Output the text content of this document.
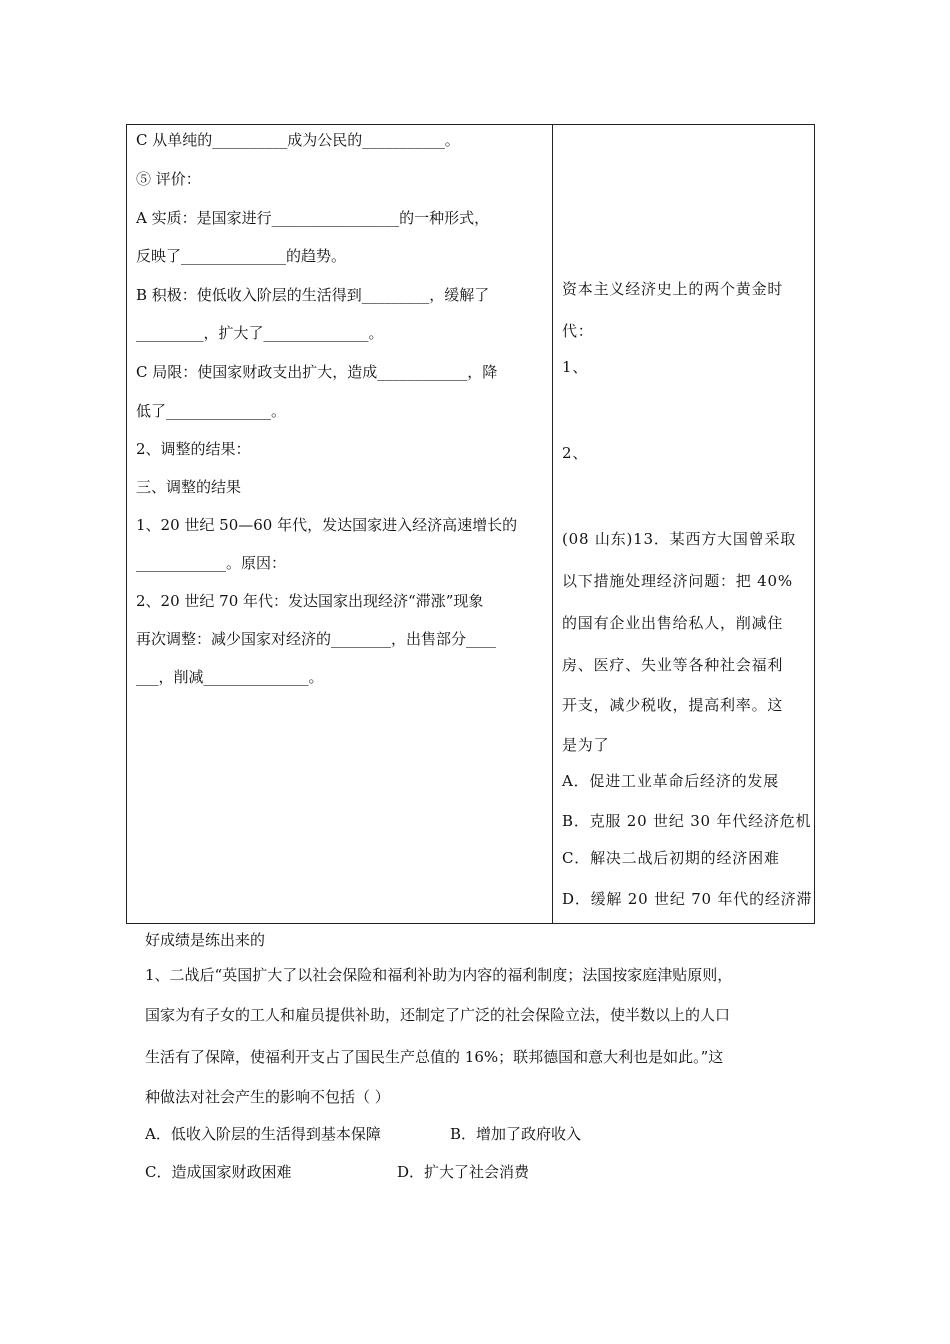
C 从单纯的__________成为公民的___________。
⑤ 评价：
A 实质：是国家进行_________________的一种形式，
反映了______________的趋势。
B 积极：使低收入阶层的生活得到_________，缓解了
_________，扩大了______________。
C 局限：使国家财政支出扩大，造成____________，降
低了______________。
2、调整的结果：
三、调整的结果
1、20 世纪 50—60 年代，发达国家进入经济高速增长的
____________。原因：
2、20 世纪 70 年代：发达国家出现经济“滞涨”现象
再次调整：减少国家对经济的________，出售部分____
___，削减______________。
资本主义经济史上的两个黄金时
代：
1、
2、
(08 山东)13．某西方大国曾采取
以下措施处理经济问题：把 40%
的国有企业出售给私人，削减住
房、医疗、失业等各种社会福利
开支，减少税收，提高利率。这
是为了
A．促进工业革命后经济的发展
B．克服 20 世纪 30 年代经济危机
C．解决二战后初期的经济困难
D．缓解 20 世纪 70 年代的经济滞
好成绩是练出来的
1、二战后“英国扩大了以社会保险和福利补助为内容的福利制度；法国按家庭津贴原则，
国家为有子女的工人和雇员提供补助，还制定了广泛的社会保险立法，使半数以上的人口
生活有了保障，使福利开支占了国民生产总值的 16%；联邦德国和意大利也是如此。”这
种做法对社会产生的影响不包括（ ）
A．低收入阶层的生活得到基本保障	B．增加了政府收入
C．造成国家财政困难	D．扩大了社会消费
